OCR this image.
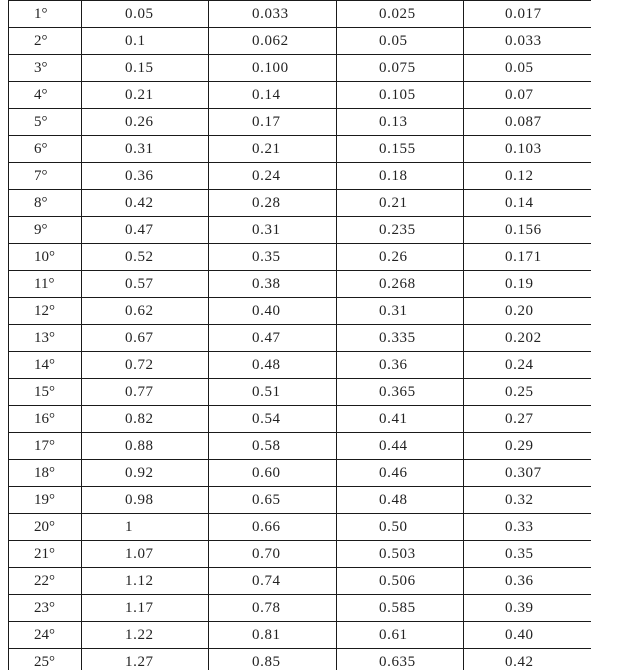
1°	0.05	0.033	0.025	0.017
2°	0.1	0.062	0.05	0.033
3°	0.15	0.100	0.075	0.05
4°	0.21	0.14	0.105	0.07
5°	0.26	0.17	0.13	0.087
6°	0.31	0.21	0.155	0.103
7°	0.36	0.24	0.18	0.12
8°	0.42	0.28	0.21	0.14
9°	0.47	0.31	0.235	0.156
10°	0.52	0.35	0.26	0.171
11°	0.57	0.38	0.268	0.19
12°	0.62	0.40	0.31	0.20
13°	0.67	0.47	0.335	0.202
14°	0.72	0.48	0.36	0.24
15°	0.77	0.51	0.365	0.25
16°	0.82	0.54	0.41	0.27
17°	0.88	0.58	0.44	0.29
18°	0.92	0.60	0.46	0.307
19°	0.98	0.65	0.48	0.32
20°	1	0.66	0.50	0.33
21°	1.07	0.70	0.503	0.35
22°	1.12	0.74	0.506	0.36
23°	1.17	0.78	0.585	0.39
24°	1.22	0.81	0.61	0.40
25°	1.27	0.85	0.635	0.42
